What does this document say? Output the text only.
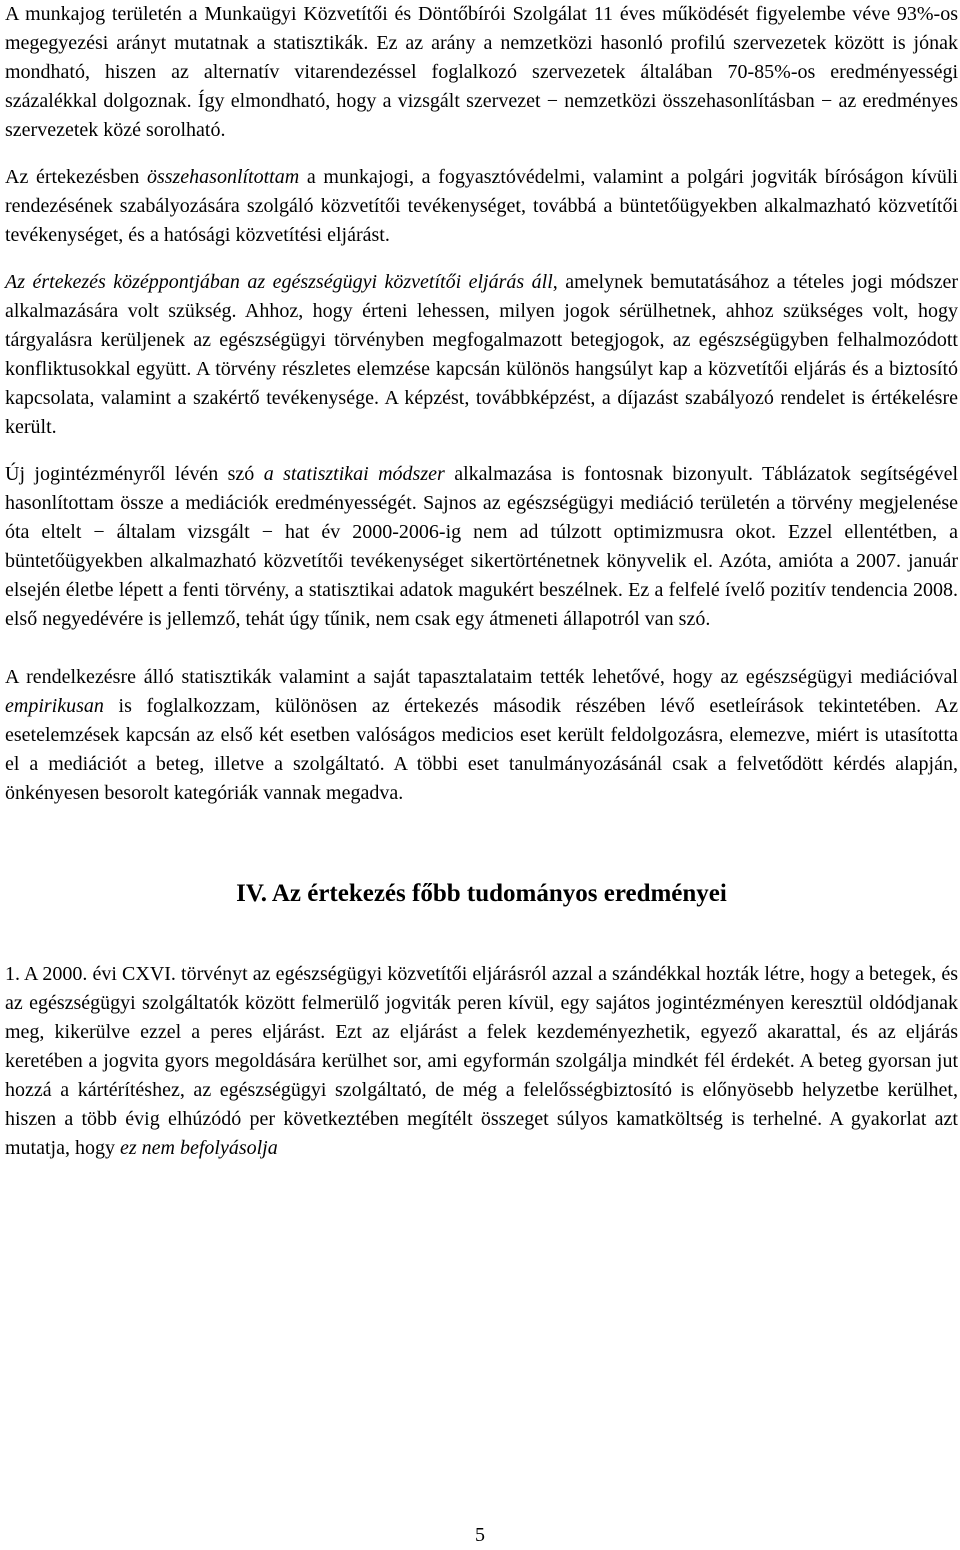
A munkajog területén a Munkaügyi Közvetítői és Döntőbírói Szolgálat 11 éves működését figyelembe véve 93%-os megegyezési arányt mutatnak a statisztikák. Ez az arány a nemzetközi hasonló profilú szervezetek között is jónak mondható, hiszen az alternatív vitarendezéssel foglalkozó szervezetek általában 70-85%-os eredményességi százalékkal dolgoznak. Így elmondható, hogy a vizsgált szervezet − nemzetközi összehasonlításban − az eredményes szervezetek közé sorolható.

Az értekezésben összehasonlítottam a munkajogi, a fogyasztóvédelmi, valamint a polgári jogviták bíróságon kívüli rendezésének szabályozására szolgáló közvetítői tevékenységet, továbbá a büntetőügyekben alkalmazható közvetítői tevékenységet, és a hatósági közvetítési eljárást.

Az értekezés középpontjában az egészségügyi közvetítői eljárás áll, amelynek bemutatásához a tételes jogi módszer alkalmazására volt szükség. Ahhoz, hogy érteni lehessen, milyen jogok sérülhetnek, ahhoz szükséges volt, hogy tárgyalásra kerüljenek az egészségügyi törvényben megfogalmazott betegjogok, az egészségügyben felhalmozódott konfliktusokkal együtt. A törvény részletes elemzése kapcsán különös hangsúlyt kap a közvetítői eljárás és a biztosító kapcsolata, valamint a szakértő tevékenysége. A képzést, továbbképzést, a díjazást szabályozó rendelet is értékelésre került.

Új jogintézményről lévén szó a statisztikai módszer alkalmazása is fontosnak bizonyult. Táblázatok segítségével hasonlítottam össze a mediációk eredményességét. Sajnos az egészségügyi mediáció területén a törvény megjelenése óta eltelt − általam vizsgált − hat év 2000-2006-ig nem ad túlzott optimizmusra okot. Ezzel ellentétben, a büntetőügyekben alkalmazható közvetítői tevékenységet sikertörténetnek könyvelik el. Azóta, amióta a 2007. január elsején életbe lépett a fenti törvény, a statisztikai adatok magukért beszélnek. Ez a felfelé ívelő pozitív tendencia 2008. első negyedévére is jellemző, tehát úgy tűnik, nem csak egy átmeneti állapotról van szó.

A rendelkezésre álló statisztikák valamint a saját tapasztalataim tették lehetővé, hogy az egészségügyi mediációval empirikusan is foglalkozzam, különösen az értekezés második részében lévő esetleírások tekintetében. Az esetelemzések kapcsán az első két esetben valóságos medicios eset került feldolgozásra, elemezve, miért is utasította el a mediációt a beteg, illetve a szolgáltató. A többi eset tanulmányozásánál csak a felvetődött kérdés alapján, önkényesen besorolt kategóriák vannak megadva.

IV. Az értekezés főbb tudományos eredményei

1. A 2000. évi CXVI. törvényt az egészségügyi közvetítői eljárásról azzal a szándékkal hozták létre, hogy a betegek, és az egészségügyi szolgáltatók között felmerülő jogviták peren kívül, egy sajátos jogintézményen keresztül oldódjanak meg, kikerülve ezzel a peres eljárást. Ezt az eljárást a felek kezdeményezhetik, egyező akarattal, és az eljárás keretében a jogvita gyors megoldására kerülhet sor, ami egyformán szolgálja mindkét fél érdekét. A beteg gyorsan jut hozzá a kártérítéshez, az egészségügyi szolgáltató, de még a felelősségbiztosító is előnyösebb helyzetbe kerülhet, hiszen a több évig elhúzódó per következtében megítélt összeget súlyos kamatköltség is terhelné. A gyakorlat azt mutatja, hogy ez nem befolyásolja

5
